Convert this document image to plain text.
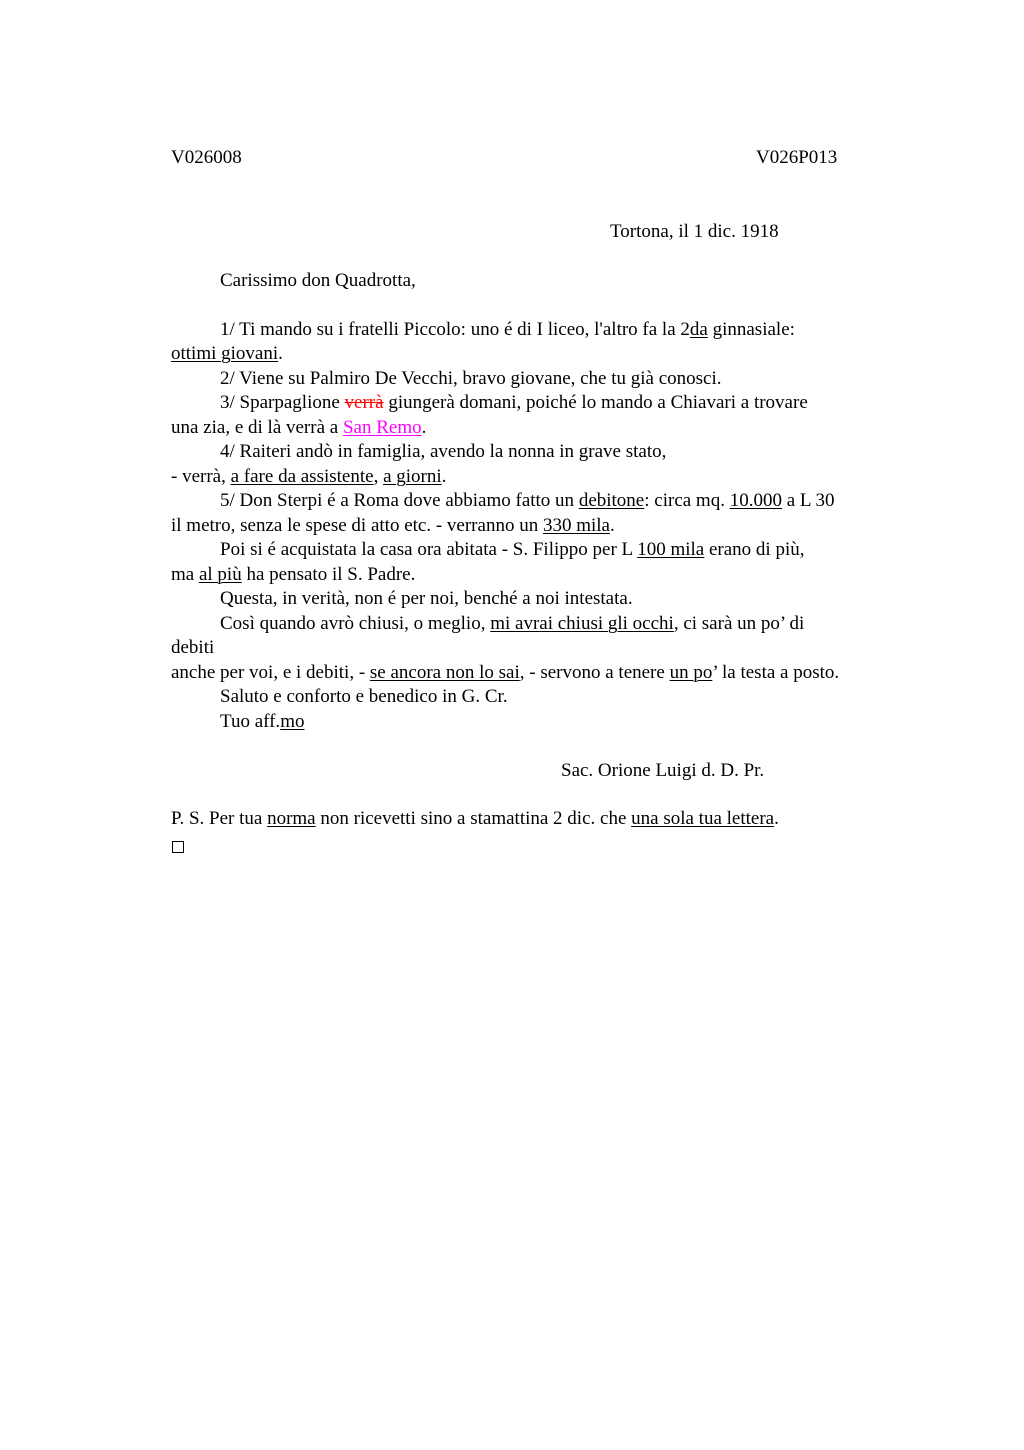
V026008	V026P013
Tortona, il 1 dic. 1918
Carissimo don Quadrotta,
1/ Ti mando su i fratelli Piccolo: uno é di I liceo, l'altro fa la 2da ginnasiale:
ottimi giovani.
2/ Viene su Palmiro De Vecchi, bravo giovane, che tu già conosci.
3/ Sparpaglione verrà giungerà domani, poiché lo mando a Chiavari a trovare
una zia, e di là verrà a San Remo.
4/ Raiteri andò in famiglia, avendo la nonna in grave stato,
- verrà, a fare da assistente, a giorni.
5/ Don Sterpi é a Roma dove abbiamo fatto un debitone: circa mq. 10.000 a L 30
il metro, senza le spese di atto etc. - verranno un 330 mila.
Poi si é acquistata la casa ora abitata - S. Filippo per L 100 mila erano di più,
ma al più ha pensato il S. Padre.
Questa, in verità, non é per noi, benché a noi intestata.
Così quando avrò chiusi, o meglio, mi avrai chiusi gli occhi, ci sarà un po’ di
debiti
anche per voi, e i debiti, - se ancora non lo sai, - servono a tenere un po’ la testa a posto.
Saluto e conforto e benedico in G. Cr.
Tuo aff.mo
Sac. Orione Luigi d. D. Pr.
P. S. Per tua norma non ricevetti sino a stamattina 2 dic. che una sola tua lettera.
